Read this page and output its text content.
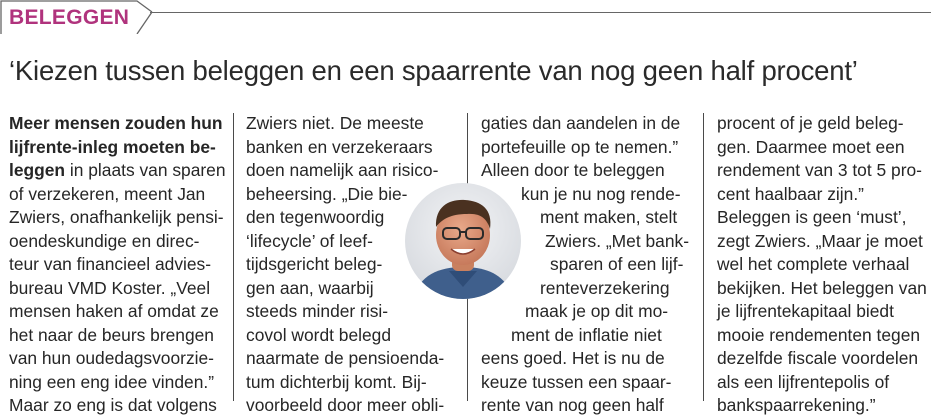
BELEGGEN
‘Kiezen tussen beleggen en een spaarrente van nog geen half procent’
Meer mensen zouden hun
lijfrente-inleg moeten be-
leggen in plaats van sparen
of verzekeren, meent Jan
Zwiers, onafhankelijk pensi-
oendeskundige en direc-
teur van financieel advies-
bureau VMD Koster. „Veel
mensen haken af omdat ze
het naar de beurs brengen
van hun oudedagsvoorzie-
ning een eng idee vinden.”
Maar zo eng is dat volgens
Zwiers niet. De meeste
banken en verzekeraars
doen namelijk aan risico-
beheersing. „Die bie-
den tegenwoordig
‘lifecycle’ of leef-
tijdsgericht beleg-
gen aan, waarbij
steeds minder risi-
covol wordt belegd
naarmate de pensioenda-
tum dichterbij komt. Bij-
voorbeeld door meer obli-
gaties dan aandelen in de
portefeuille op te nemen.”
Alleen door te beleggen
kun je nu nog rende-
ment maken, stelt
Zwiers. „Met bank-
sparen of een lijf-
renteverzekering
maak je op dit mo-
ment de inflatie niet
eens goed. Het is nu de
keuze tussen een spaar-
rente van nog geen half
procent of je geld beleg-
gen. Daarmee moet een
rendement van 3 tot 5 pro-
cent haalbaar zijn.”
Beleggen is geen ‘must’,
zegt Zwiers. „Maar je moet
wel het complete verhaal
bekijken. Het beleggen van
je lijfrentekapitaal biedt
mooie rendementen tegen
dezelfde fiscale voordelen
als een lijfrentepolis of
bankspaarrekening.”
